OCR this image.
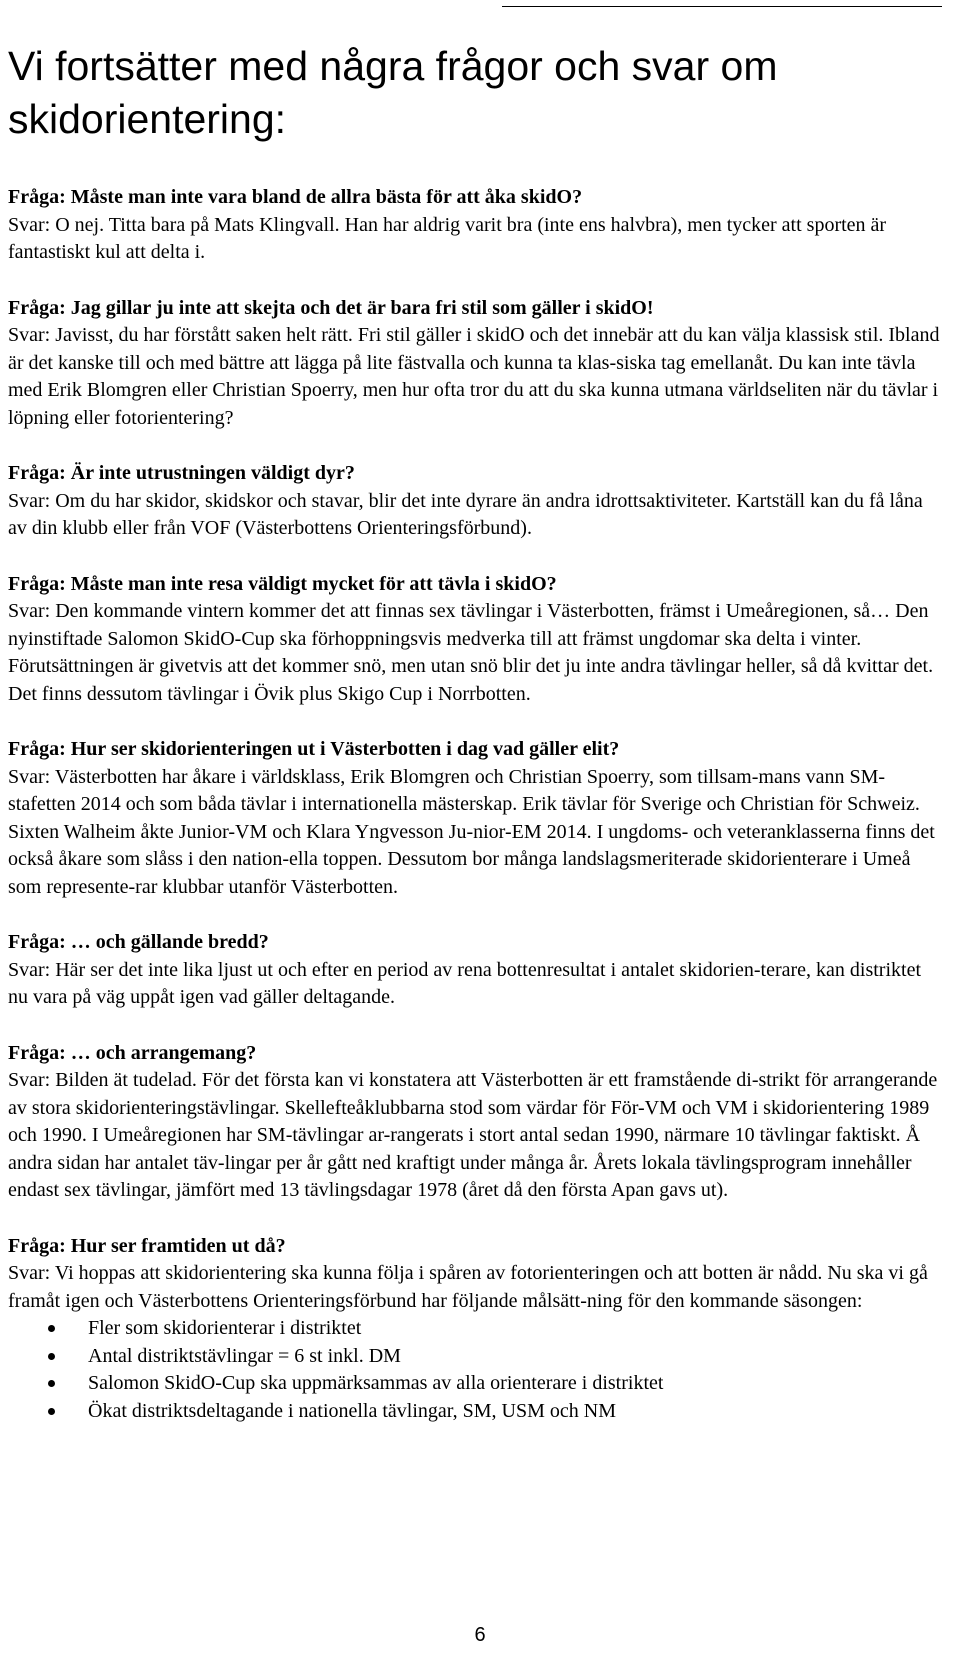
Vi fortsätter med några frågor och svar om skidorientering:

Fråga: Måste man inte vara bland de allra bästa för att åka skidO?

Svar: O nej. Titta bara på Mats Klingvall. Han har aldrig varit bra (inte ens halvbra), men tycker att sporten är fantastiskt kul att delta i.

Fråga: Jag gillar ju inte att skejta och det är bara fri stil som gäller i skidO!

Svar: Javisst, du har förstått saken helt rätt. Fri stil gäller i skidO och det innebär att du kan välja klassisk stil. Ibland är det kanske till och med bättre att lägga på lite fästvalla och kunna ta klas-siska tag emellanåt. Du kan inte tävla med Erik Blomgren eller Christian Spoerry, men hur ofta tror du att du ska kunna utmana världseliten när du tävlar i löpning eller fotorientering?

Fråga: Är inte utrustningen väldigt dyr?

Svar: Om du har skidor, skidskor och stavar, blir det inte dyrare än andra idrottsaktiviteter. Kartställ kan du få låna av din klubb eller från VOF (Västerbottens Orienteringsförbund).

Fråga: Måste man inte resa väldigt mycket för att tävla i skidO?

Svar: Den kommande vintern kommer det att finnas sex tävlingar i Västerbotten, främst i Umeåregionen, så… Den nyinstiftade Salomon SkidO-Cup ska förhoppningsvis medverka till att främst ungdomar ska delta i vinter. Förutsättningen är givetvis att det kommer snö, men utan snö blir det ju inte andra tävlingar heller, så då kvittar det. Det finns dessutom tävlingar i Övik plus Skigo Cup i Norrbotten.

Fråga: Hur ser skidorienteringen ut i Västerbotten i dag vad gäller elit?

Svar: Västerbotten har åkare i världsklass, Erik Blomgren och Christian Spoerry, som tillsam-mans vann SM-stafetten 2014 och som båda tävlar i internationella mästerskap. Erik tävlar för Sverige och Christian för Schweiz. Sixten Walheim åkte Junior-VM och Klara Yngvesson Ju-nior-EM 2014. I ungdoms- och veteranklasserna finns det också åkare som slåss i den nation-ella toppen. Dessutom bor många landslagsmeriterade skidorienterare i Umeå som represente-rar klubbar utanför Västerbotten.

Fråga: … och gällande bredd?

Svar: Här ser det inte lika ljust ut och efter en period av rena bottenresultat i antalet skidorien-terare, kan distriktet nu vara på väg uppåt igen vad gäller deltagande.

Fråga: … och arrangemang?

Svar: Bilden ät tudelad. För det första kan vi konstatera att Västerbotten är ett framstående di-strikt för arrangerande av stora skidorienteringstävlingar. Skellefteåklubbarna stod som värdar för För-VM och VM i skidorientering 1989 och 1990. I Umeåregionen har SM-tävlingar ar-rangerats i stort antal sedan 1990, närmare 10 tävlingar faktiskt. Å andra sidan har antalet täv-lingar per år gått ned kraftigt under många år. Årets lokala tävlingsprogram innehåller endast sex tävlingar, jämfört med 13 tävlingsdagar 1978 (året då den första Apan gavs ut).

Fråga: Hur ser framtiden ut då?

Svar: Vi hoppas att skidorientering ska kunna följa i spåren av fotorienteringen och att botten är nådd. Nu ska vi gå framåt igen och Västerbottens Orienteringsförbund har följande målsätt-ning för den kommande säsongen:

Fler som skidorienterar i distriktet
Antal distriktstävlingar = 6 st inkl. DM
Salomon SkidO-Cup ska uppmärksammas av alla orienterare i distriktet
Ökat distriktsdeltagande i nationella tävlingar, SM, USM och NM
6
